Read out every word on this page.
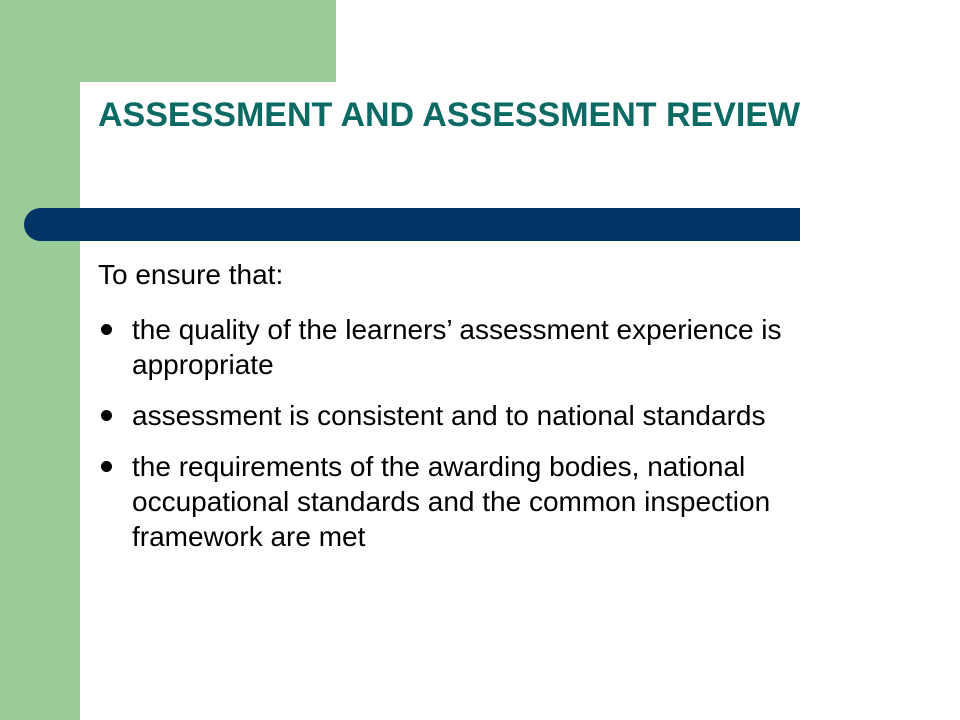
ASSESSMENT AND ASSESSMENT REVIEW
To ensure that:
the quality of the learners’ assessment experience is appropriate
assessment is consistent and to national standards
the requirements of the awarding bodies, national occupational standards and the common inspection framework are met
